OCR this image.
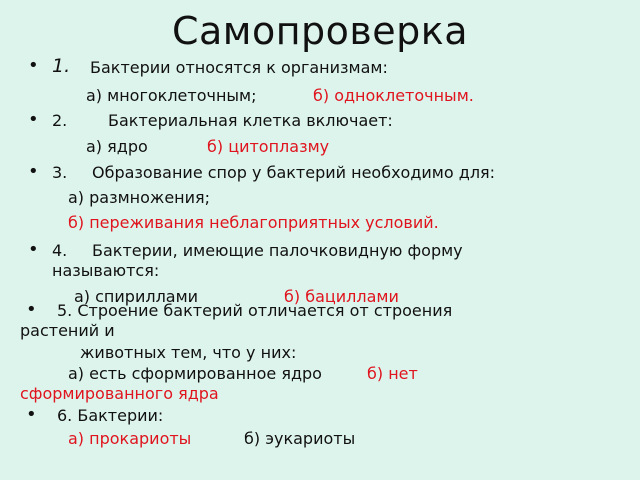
Самопроверка
• 1. Бактерии относятся к организмам:
а) многоклеточным;	б) одноклеточным.
• 2.	Бактериальная клетка включает:
а) ядро	б) цитоплазму
• 3. Образование спор у бактерий необходимо для:
а) размножения;
б) переживания неблагоприятных условий.
• 4. Бактерии, имеющие палочковидную форму
называются:
а) спириллами	б) бациллами
• 5. Строение бактерий отличается от строения
растений и
животных тем, что у них:
а) есть сформированное ядро	б) нет
сформированного ядра
• 6. Бактерии:
а) прокариоты	б) эукариоты
